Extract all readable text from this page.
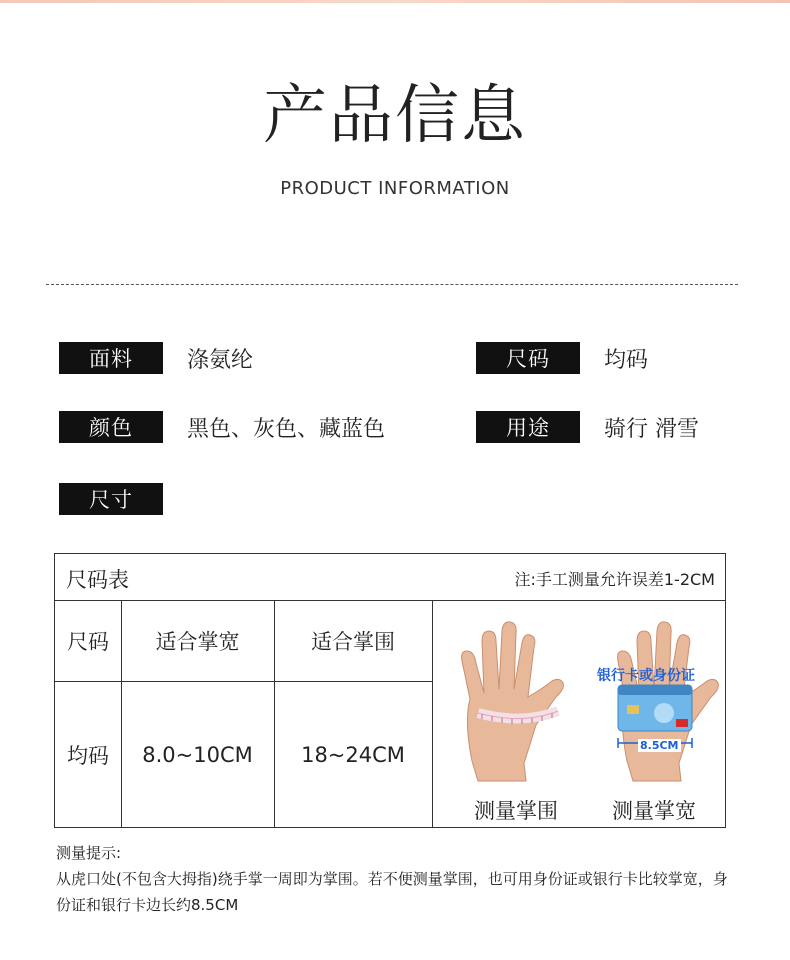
产品信息
PRODUCT INFORMATION
面料	涤氨纶	尺码	均码
颜色	黑色、灰色、藏蓝色	用途	骑行 滑雪
尺寸
尺码表	注:手工测量允许误差1-2CM
尺码	适合掌宽	适合掌围
均码	8.0~10CM	18~24CM
银行卡或身份证
8.5CM
测量掌围	测量掌宽
测量提示:
从虎口处(不包含大拇指)绕手掌一周即为掌围。若不便测量掌围，也可用身份证或银行卡比较掌宽，身份证和银行卡边长约8.5CM
